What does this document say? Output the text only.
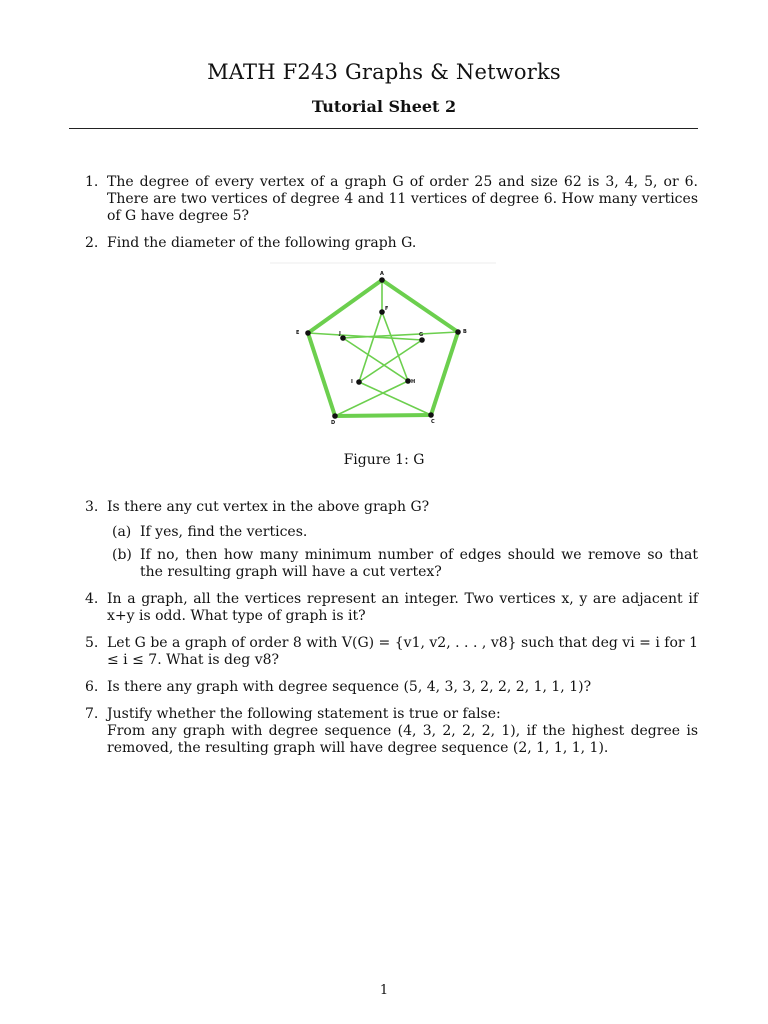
MATH F243 Graphs & Networks
Tutorial Sheet 2
1. The degree of every vertex of a graph G of order 25 and size 62 is 3, 4, 5, or 6. There are two vertices of degree 4 and 11 vertices of degree 6. How many vertices of G have degree 5?
2. Find the diameter of the following graph G.
A
B
C
D
E
F
G
H
I
J
Figure 1: G
3. Is there any cut vertex in the above graph G?
(a) If yes, find the vertices.
(b) If no, then how many minimum number of edges should we remove so that the resulting graph will have a cut vertex?
4. In a graph, all the vertices represent an integer. Two vertices x, y are adjacent if x+y is odd. What type of graph is it?
5. Let G be a graph of order 8 with V(G) = {v1, v2, . . . , v8} such that deg vi = i for 1 ≤ i ≤ 7. What is deg v8?
6. Is there any graph with degree sequence (5, 4, 3, 3, 2, 2, 2, 1, 1, 1)?
7. Justify whether the following statement is true or false:
From any graph with degree sequence (4, 3, 2, 2, 2, 1), if the highest degree is removed, the resulting graph will have degree sequence (2, 1, 1, 1, 1).
1
